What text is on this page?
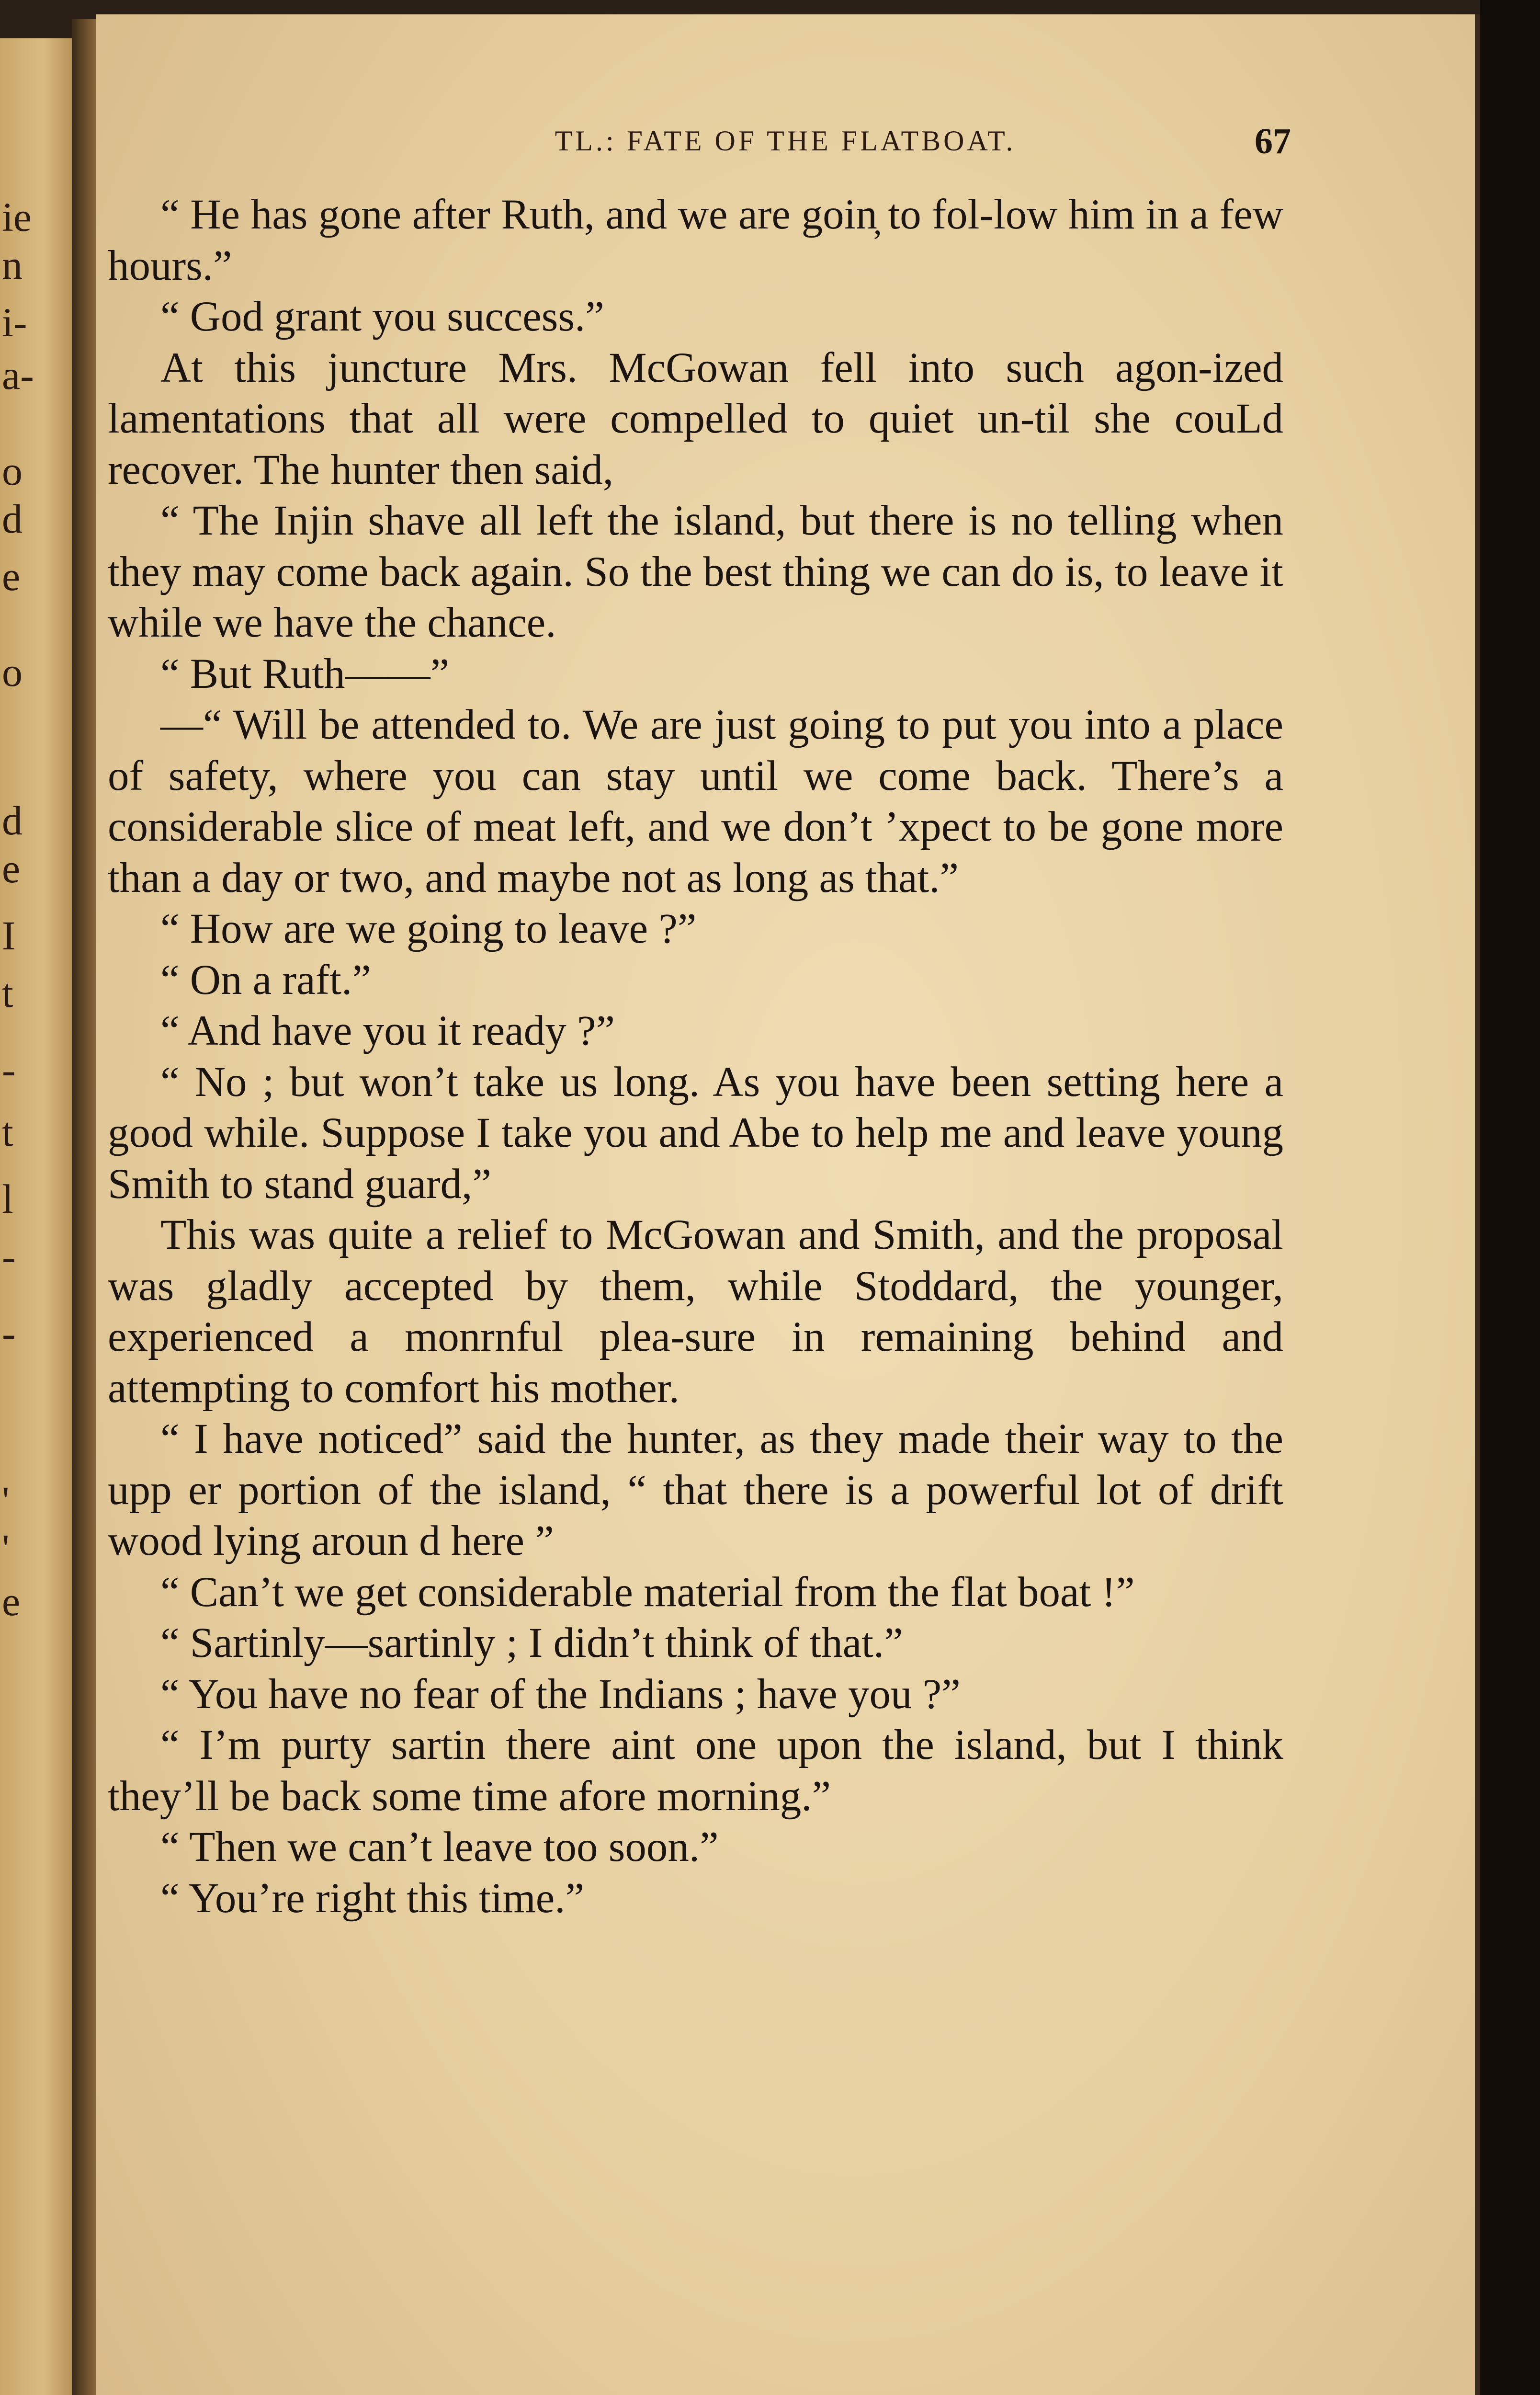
ie
n
i-
a-
o
d
e
o
d
e
I
t
-
t
l
-
-
'
'
e
TL.: FATE OF THE FLATBOAT.	67

“ He has gone after Ruth, and we are goin̦ to fol-low him in a few hours.”

“ God grant you success.”

At this juncture Mrs. McGowan fell into such agon-ized lamentations that all were compelled to quiet un-til she couLd recover. The hunter then said,

“ The Injin shave all left the island, but there is no telling when they may come back again. So the best thing we can do is, to leave it while we have the chance.

“ But Ruth——”

—“ Will be attended to. We are just going to put you into a place of safety, where you can stay until we come back. There’s a considerable slice of meat left, and we don’t ’xpect to be gone more than a day or two, and maybe not as long as that.”

“ How are we going to leave ?”

“ On a raft.”

“ And have you it ready ?”

“ No ; but won’t take us long. As you have been setting here a good while. Suppose I take you and Abe to help me and leave young Smith to stand guard,”

This was quite a relief to McGowan and Smith, and the proposal was gladly accepted by them, while Stoddard, the younger, experienced a monrnful plea-sure in remaining behind and attempting to comfort his mother.

“ I have noticed” said the hunter, as they made their way to the upp er portion of the island, “ that there is a powerful lot of drift wood lying aroun d here ”

“ Can’t we get considerable material from the flat boat !”

“ Sartinly—sartinly ; I didn’t think of that.”

“ You have no fear of the Indians ; have you ?”

“ I’m purty sartin there aint one upon the island, but I think they’ll be back some time afore morning.”

“ Then we can’t leave too soon.”

“ You’re right this time.”
